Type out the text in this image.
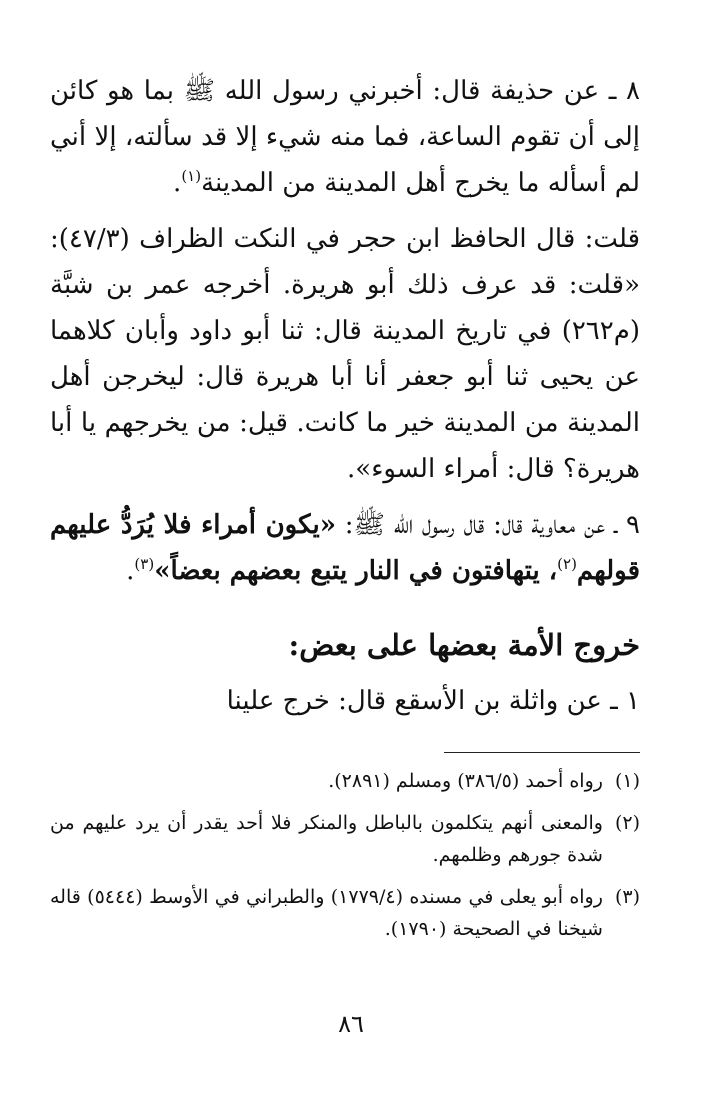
٨ ـ عن حذيفة قال: أخبرني رسول الله ﷺ بما هو كائن إلى أن تقوم الساعة، فما منه شيء إلا قد سألته، إلا أني لم أسأله ما يخرج أهل المدينة من المدينة$^{(١)}$.

قلت: قال الحافظ ابن حجر في النكت الظراف (٤٧/٣): «قلت: قد عرف ذلك أبو هريرة. أخرجه عمر بن شبَّة (م٢٦٢) في تاريخ المدينة قال: ثنا أبو داود وأبان كلاهما عن يحيى ثنا أبو جعفر أنا أبا هريرة قال: ليخرجن أهل المدينة من المدينة خير ما كانت. قيل: من يخرجهم يا أبا هريرة؟ قال: أمراء السوء».

٩ ـ عن معاوية قال: قال رسول الله ﷺ: «يكون أمراء فلا يُرَدُّ عليهم قولهم$^{(٢)}$، يتهافتون في النار يتبع بعضهم بعضاً»$^{(٣)}$.

خروج الأمة بعضها على بعض:

١ ـ عن واثلة بن الأسقع قال: خرج علينا

(١)
رواه أحمد (٣٨٦/٥) ومسلم (٢٨٩١).
(٢)
والمعنى أنهم يتكلمون بالباطل والمنكر فلا أحد يقدر أن يرد عليهم من شدة جورهم وظلمهم.
(٣)
رواه أبو يعلى في مسنده (١٧٧٩/٤) والطبراني في الأوسط (٥٤٤٤) قاله شيخنا في الصحيحة (١٧٩٠).
٨٦
